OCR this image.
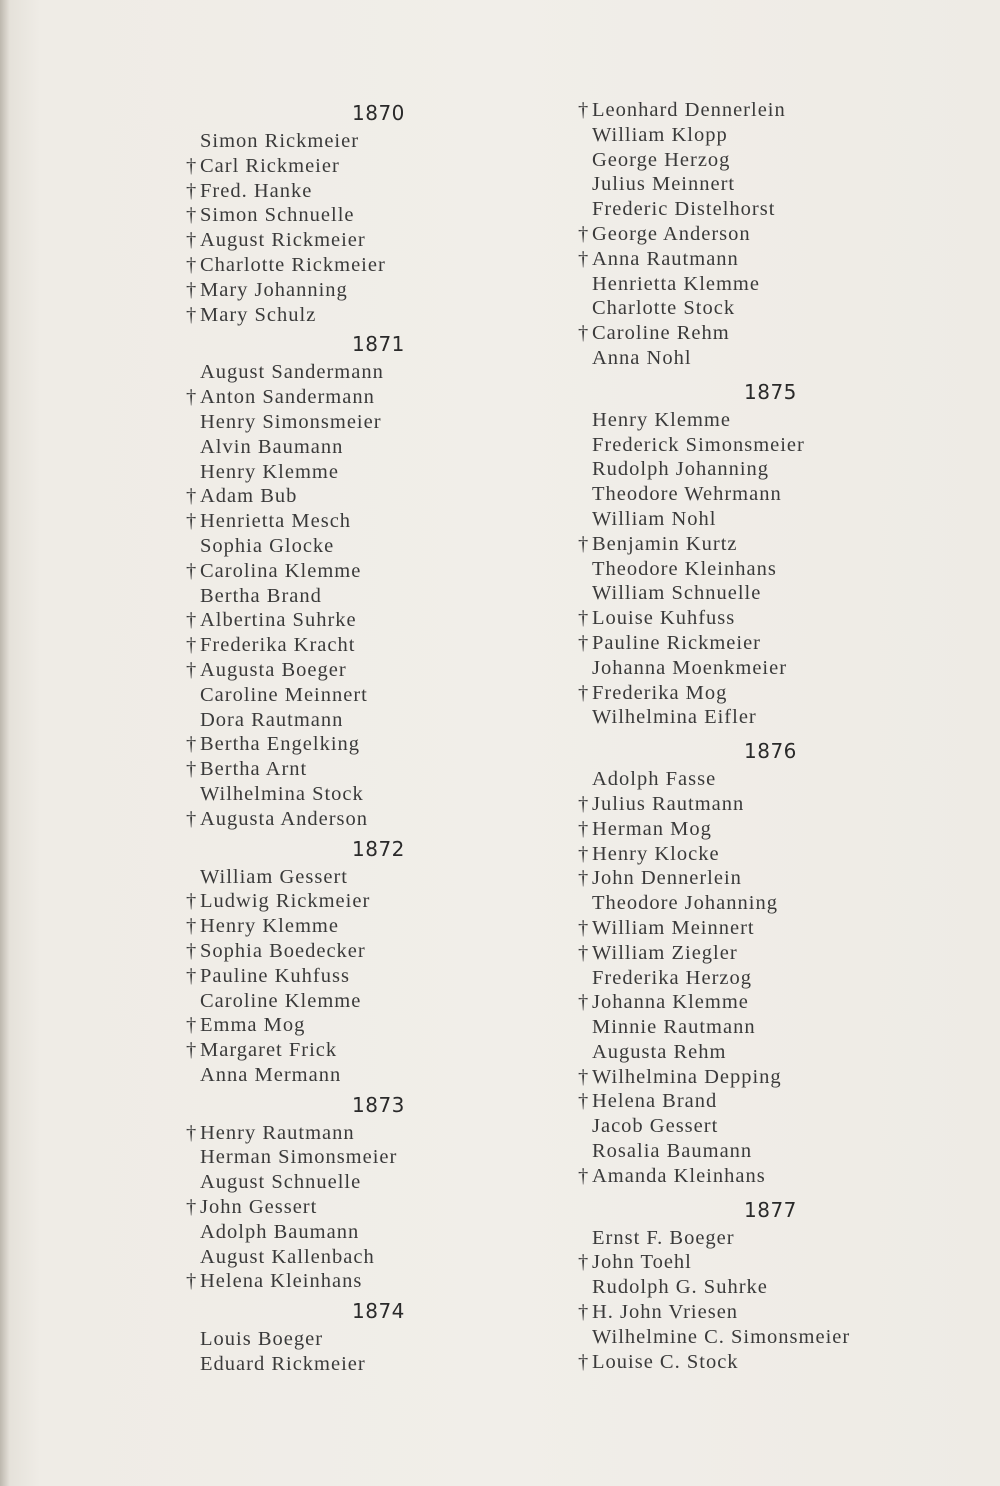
1870
Simon Rickmeier
† Carl Rickmeier
† Fred. Hanke
† Simon Schnuelle
† August Rickmeier
† Charlotte Rickmeier
† Mary Johanning
† Mary Schulz
1871
August Sandermann
† Anton Sandermann
Henry Simonsmeier
Alvin Baumann
Henry Klemme
† Adam Bub
† Henrietta Mesch
Sophia Glocke
† Carolina Klemme
Bertha Brand
† Albertina Suhrke
† Frederika Kracht
† Augusta Boeger
Caroline Meinnert
Dora Rautmann
† Bertha Engelking
† Bertha Arnt
Wilhelmina Stock
† Augusta Anderson
1872
William Gessert
† Ludwig Rickmeier
† Henry Klemme
† Sophia Boedecker
† Pauline Kuhfuss
Caroline Klemme
† Emma Mog
† Margaret Frick
Anna Mermann
1873
† Henry Rautmann
Herman Simonsmeier
August Schnuelle
† John Gessert
Adolph Baumann
August Kallenbach
† Helena Kleinhans
1874
Louis Boeger
Eduard Rickmeier
† Leonhard Dennerlein
William Klopp
George Herzog
Julius Meinnert
Frederic Distelhorst
† George Anderson
† Anna Rautmann
Henrietta Klemme
Charlotte Stock
† Caroline Rehm
Anna Nohl
1875
Henry Klemme
Frederick Simonsmeier
Rudolph Johanning
Theodore Wehrmann
William Nohl
† Benjamin Kurtz
Theodore Kleinhans
William Schnuelle
† Louise Kuhfuss
† Pauline Rickmeier
Johanna Moenkmeier
† Frederika Mog
Wilhelmina Eifler
1876
Adolph Fasse
† Julius Rautmann
† Herman Mog
† Henry Klocke
† John Dennerlein
Theodore Johanning
† William Meinnert
† William Ziegler
Frederika Herzog
† Johanna Klemme
Minnie Rautmann
Augusta Rehm
† Wilhelmina Depping
† Helena Brand
Jacob Gessert
Rosalia Baumann
† Amanda Kleinhans
1877
Ernst F. Boeger
† John Toehl
Rudolph G. Suhrke
† H. John Vriesen
Wilhelmine C. Simonsmeier
† Louise C. Stock
